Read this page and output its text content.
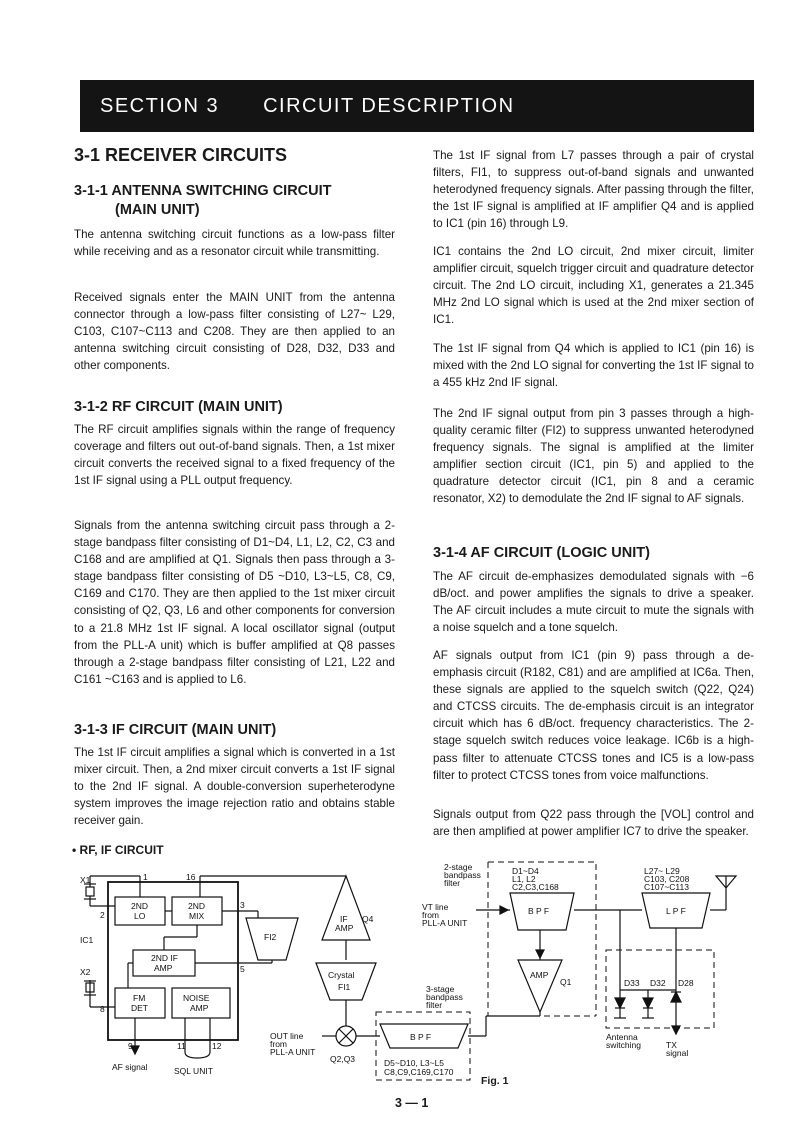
SECTION 3 CIRCUIT DESCRIPTION
3-1 RECEIVER CIRCUITS
3-1-1 ANTENNA SWITCHING CIRCUIT
(MAIN UNIT)
The antenna switching circuit functions as a low-pass filter while receiving and as a resonator circuit while transmitting.
Received signals enter the MAIN UNIT from the antenna connector through a low-pass filter consisting of L27~ L29, C103, C107~C113 and C208. They are then applied to an antenna switching circuit consisting of D28, D32, D33 and other components.
3-1-2 RF CIRCUIT (MAIN UNIT)
The RF circuit amplifies signals within the range of frequency coverage and filters out out-of-band signals. Then, a 1st mixer circuit converts the received signal to a fixed frequency of the 1st IF signal using a PLL output frequency.
Signals from the antenna switching circuit pass through a 2-stage bandpass filter consisting of D1~D4, L1, L2, C2, C3 and C168 and are amplified at Q1. Signals then pass through a 3-stage bandpass filter consisting of D5 ~D10, L3~L5, C8, C9, C169 and C170. They are then applied to the 1st mixer circuit consisting of Q2, Q3, L6 and other components for conversion to a 21.8 MHz 1st IF signal. A local oscillator signal (output from the PLL-A unit) which is buffer amplified at Q8 passes through a 2-stage bandpass filter consisting of L21, L22 and C161 ~C163 and is applied to L6.
3-1-3 IF CIRCUIT (MAIN UNIT)
The 1st IF circuit amplifies a signal which is converted in a 1st mixer circuit. Then, a 2nd mixer circuit converts a 1st IF signal to the 2nd IF signal. A double-conversion superheterodyne system improves the image rejection ratio and obtains stable receiver gain.
The 1st IF signal from L7 passes through a pair of crystal filters, FI1, to suppress out-of-band signals and unwanted heterodyned frequency signals. After passing through the filter, the 1st IF signal is amplified at IF amplifier Q4 and is applied to IC1 (pin 16) through L9.
IC1 contains the 2nd LO circuit, 2nd mixer circuit, limiter amplifier circuit, squelch trigger circuit and quadrature detector circuit. The 2nd LO circuit, including X1, generates a 21.345 MHz 2nd LO signal which is used at the 2nd mixer section of IC1.
The 1st IF signal from Q4 which is applied to IC1 (pin 16) is mixed with the 2nd LO signal for converting the 1st IF signal to a 455 kHz 2nd IF signal.
The 2nd IF signal output from pin 3 passes through a high-quality ceramic filter (FI2) to suppress unwanted heterodyned frequency signals. The signal is amplified at the limiter amplifier section circuit (IC1, pin 5) and applied to the quadrature detector circuit (IC1, pin 8 and a ceramic resonator, X2) to demodulate the 2nd IF signal to AF signals.
3-1-4 AF CIRCUIT (LOGIC UNIT)
The AF circuit de-emphasizes demodulated signals with −6 dB/oct. and power amplifies the signals to drive a speaker. The AF circuit includes a mute circuit to mute the signals with a noise squelch and a tone squelch.
AF signals output from IC1 (pin 9) pass through a de-emphasis circuit (R182, C81) and are amplified at IC6a. Then, these signals are applied to the squelch switch (Q22, Q24) and CTCSS circuits. The de-emphasis circuit is an integrator circuit which has 6 dB/oct. frequency characteristics. The 2-stage squelch switch reduces voice leakage. IC6b is a high-pass filter to attenuate CTCSS tones and IC5 is a low-pass filter to protect CTCSS tones from voice malfunctions.
Signals output from Q22 pass through the [VOL] control and are then amplified at power amplifier IC7 to drive the speaker.
• RF, IF CIRCUIT
X1
X2
IC1
1	16
2
3
5
8
9	11	12
2ND
LO
2ND
MIX
2ND IF
AMP
FM
DET
NOISE
AMP
FI2
IF
AMP
Q4
Crystal
FI1
AF signal	SQL UNIT
OUT line
from
PLL-A UNIT
Q2,Q3
3-stage
bandpass
filter
B P F
D5~D10, L3~L5
C8,C9,C169,C170
2-stage
bandpass
filter
D1~D4
L1, L2
C2,C3,C168
B P F
VT line
from
PLL-A UNIT
AMP
Q1
L P F
L27~ L29
C103, C208
C107~C113
D33 D32 D28
Antenna
switching	TX
signal
Fig. 1
3 — 1
